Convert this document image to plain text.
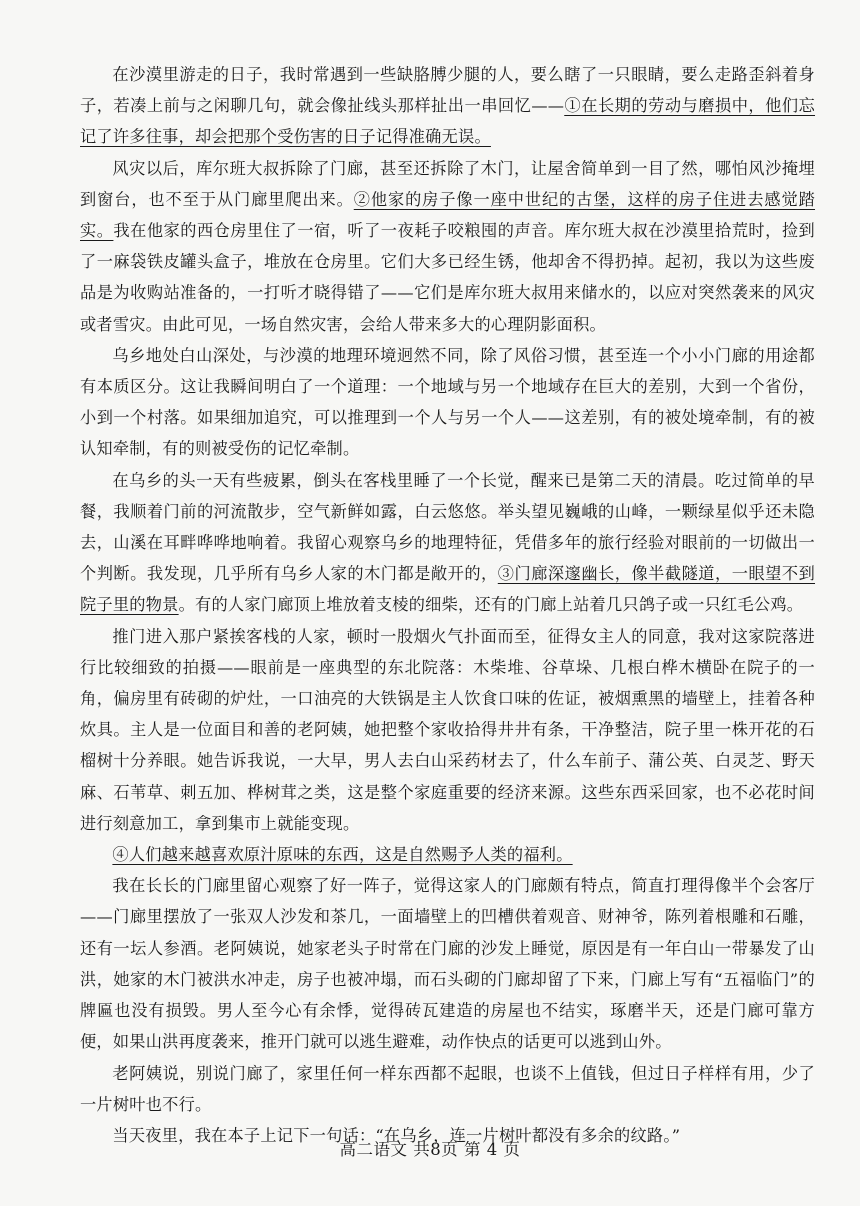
在沙漠里游走的日子，我时常遇到一些缺胳膊少腿的人，要么瞎了一只眼睛，要么走路歪斜着身子，若凑上前与之闲聊几句，就会像扯线头那样扯出一串回忆——①在长期的劳动与磨损中，他们忘记了许多往事，却会把那个受伤害的日子记得准确无误。

风灾以后，库尔班大叔拆除了门廊，甚至还拆除了木门，让屋舍简单到一目了然，哪怕风沙掩埋到窗台，也不至于从门廊里爬出来。②他家的房子像一座中世纪的古堡，这样的房子住进去感觉踏实。我在他家的西仓房里住了一宿，听了一夜耗子咬粮囤的声音。库尔班大叔在沙漠里拾荒时，捡到了一麻袋铁皮罐头盒子，堆放在仓房里。它们大多已经生锈，他却舍不得扔掉。起初，我以为这些废品是为收购站准备的，一打听才晓得错了——它们是库尔班大叔用来储水的，以应对突然袭来的风灾或者雪灾。由此可见，一场自然灾害，会给人带来多大的心理阴影面积。

乌乡地处白山深处，与沙漠的地理环境迥然不同，除了风俗习惯，甚至连一个小小门廊的用途都有本质区分。这让我瞬间明白了一个道理：一个地域与另一个地域存在巨大的差别，大到一个省份，小到一个村落。如果细加追究，可以推理到一个人与另一个人——这差别，有的被处境牵制，有的被认知牵制，有的则被受伤的记忆牵制。

在乌乡的头一天有些疲累，倒头在客栈里睡了一个长觉，醒来已是第二天的清晨。吃过简单的早餐，我顺着门前的河流散步，空气新鲜如露，白云悠悠。举头望见巍峨的山峰，一颗绿星似乎还未隐去，山溪在耳畔哗哗地响着。我留心观察乌乡的地理特征，凭借多年的旅行经验对眼前的一切做出一个判断。我发现，几乎所有乌乡人家的木门都是敞开的，③门廊深邃幽长，像半截隧道，一眼望不到院子里的物景。有的人家门廊顶上堆放着支棱的细柴，还有的门廊上站着几只鸽子或一只红毛公鸡。

推门进入那户紧挨客栈的人家，顿时一股烟火气扑面而至，征得女主人的同意，我对这家院落进行比较细致的拍摄——眼前是一座典型的东北院落：木柴堆、谷草垛、几根白桦木横卧在院子的一角，偏房里有砖砌的炉灶，一口油亮的大铁锅是主人饮食口味的佐证，被烟熏黑的墙壁上，挂着各种炊具。主人是一位面目和善的老阿姨，她把整个家收拾得井井有条，干净整洁，院子里一株开花的石榴树十分养眼。她告诉我说，一大早，男人去白山采药材去了，什么车前子、蒲公英、白灵芝、野天麻、石苇草、刺五加、桦树茸之类，这是整个家庭重要的经济来源。这些东西采回家，也不必花时间进行刻意加工，拿到集市上就能变现。

④人们越来越喜欢原汁原味的东西，这是自然赐予人类的福利。

我在长长的门廊里留心观察了好一阵子，觉得这家人的门廊颇有特点，简直打理得像半个会客厅——门廊里摆放了一张双人沙发和茶几，一面墙壁上的凹槽供着观音、财神爷，陈列着根雕和石雕，还有一坛人参酒。老阿姨说，她家老头子时常在门廊的沙发上睡觉，原因是有一年白山一带暴发了山洪，她家的木门被洪水冲走，房子也被冲塌，而石头砌的门廊却留了下来，门廊上写有“五福临门”的牌匾也没有损毁。男人至今心有余悸，觉得砖瓦建造的房屋也不结实，琢磨半天，还是门廊可靠方便，如果山洪再度袭来，推开门就可以逃生避难，动作快点的话更可以逃到山外。

老阿姨说，别说门廊了，家里任何一样东西都不起眼，也谈不上值钱，但过日子样样有用，少了一片树叶也不行。

当天夜里，我在本子上记下一句话：“在乌乡，连一片树叶都没有多余的纹路。”

高二语文 共8页 第 4 页
